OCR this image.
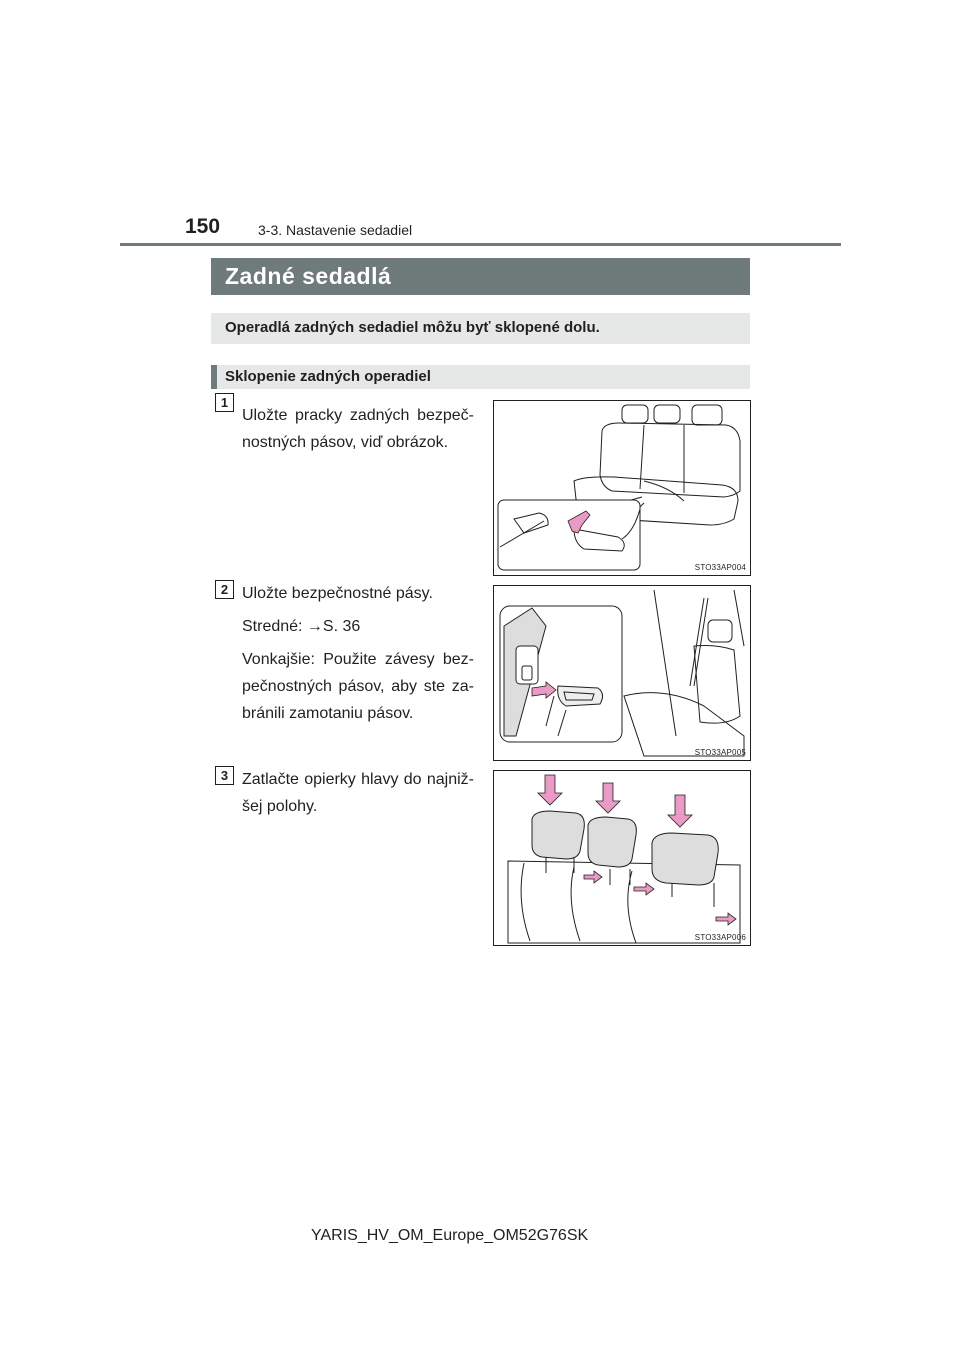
150	3-3. Nastavenie sedadiel
Zadné sedadlá
Operadlá zadných sedadiel môžu byť sklopené dolu.
Sklopenie zadných operadiel
1

Uložte pracky zadných bezpeč-nostných pásov, viď obrázok.

STO33AP004
2 Uložte bezpečnostné pásy.

Stredné: →S. 36

Vonkajšie: Použite závesy bez-pečnostných pásov, aby ste za-bránili zamotaniu pásov.

STO33AP005
3 Zatlačte opierky hlavy do najniž-šej polohy.

STO33AP006
YARIS_HV_OM_Europe_OM52G76SK
